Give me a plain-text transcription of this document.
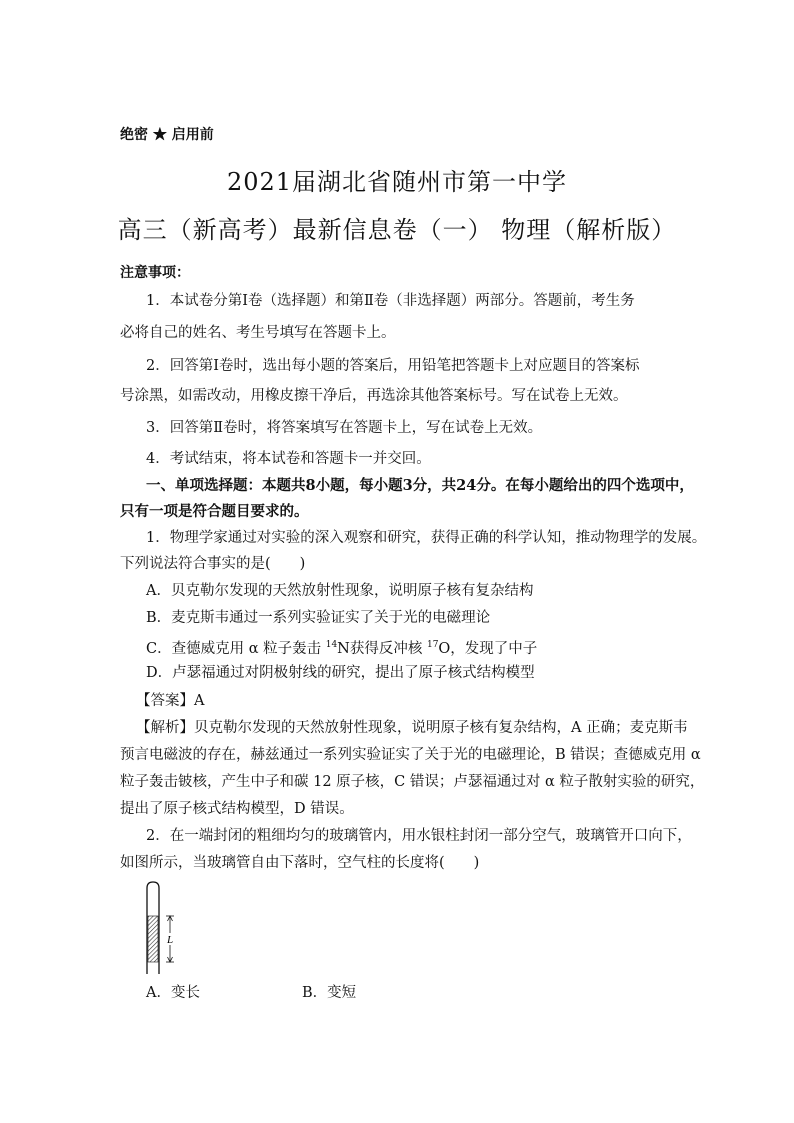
绝密 ★ 启用前
2021届湖北省随州市第一中学
高三（新高考）最新信息卷（一） 物理（解析版）
注意事项：
1．本试卷分第Ⅰ卷（选择题）和第Ⅱ卷（非选择题）两部分。答题前，考生务
必将自己的姓名、考生号填写在答题卡上。
2．回答第Ⅰ卷时，选出每小题的答案后，用铅笔把答题卡上对应题目的答案标
号涂黑，如需改动，用橡皮擦干净后，再选涂其他答案标号。写在试卷上无效。
3．回答第Ⅱ卷时，将答案填写在答题卡上，写在试卷上无效。
4．考试结束，将本试卷和答题卡一并交回。
一、单项选择题：本题共8小题，每小题3分，共24分。在每小题给出的四个选项中，
只有一项是符合题目要求的。
1．物理学家通过对实验的深入观察和研究，获得正确的科学认知，推动物理学的发展。
下列说法符合事实的是(　　)
A．贝克勒尔发现的天然放射性现象，说明原子核有复杂结构
B．麦克斯韦通过一系列实验证实了关于光的电磁理论
C．查德威克用 α 粒子轰击 $^{14}$N获得反冲核 $^{17}$O，发现了中子
D．卢瑟福通过对阴极射线的研究，提出了原子核式结构模型
【答案】A
【解析】贝克勒尔发现的天然放射性现象，说明原子核有复杂结构，A 正确；麦克斯韦
预言电磁波的存在，赫兹通过一系列实验证实了关于光的电磁理论，B 错误；查德威克用 α
粒子轰击铍核，产生中子和碳 12 原子核，C 错误；卢瑟福通过对 α 粒子散射实验的研究，
提出了原子核式结构模型，D 错误。
2．在一端封闭的粗细均匀的玻璃管内，用水银柱封闭一部分空气，玻璃管开口向下，
如图所示，当玻璃管自由下落时，空气柱的长度将(　　)
L
A．变长	B．变短
